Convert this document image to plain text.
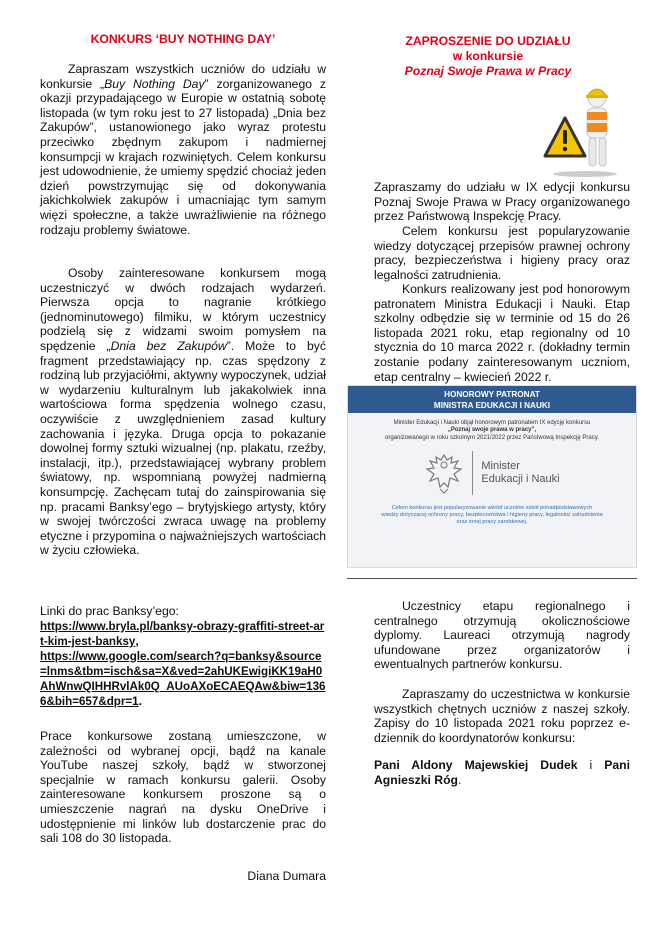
KONKURS ‘BUY NOTHING DAY’

Zapraszam wszystkich uczniów do udziału w konkursie „Buy Nothing Day” zorganizowanego z okazji przypadającego w Europie w ostatnią sobotę listopada (w tym roku jest to 27 listopada) „Dnia bez Zakupów”, ustanowionego jako wyraz protestu przeciwko zbędnym zakupom i nadmiernej konsumpcji w krajach rozwiniętych. Celem konkursu jest udowodnienie, że umiemy spędzić chociaż jeden dzień powstrzymując się od dokonywania jakichkolwiek zakupów i umacniając tym samym więzi społeczne, a także uwrażliwienie na różnego rodzaju problemy światowe.

Osoby zainteresowane konkursem mogą uczestniczyć w dwóch rodzajach wydarzeń. Pierwsza opcja to nagranie krótkiego (jednominutowego) filmiku, w którym uczestnicy podzielą się z widzami swoim pomysłem na spędzenie „Dnia bez Zakupów”. Może to być fragment przedstawiający np. czas spędzony z rodziną lub przyjaciółmi, aktywny wypoczynek, udział w wydarzeniu kulturalnym lub jakakolwiek inna wartościowa forma spędzenia wolnego czasu, oczywiście z uwzględnieniem zasad kultury zachowania i języka. Druga opcja to pokazanie dowolnej formy sztuki wizualnej (np. plakatu, rzeźby, instalacji, itp.), przedstawiającej wybrany problem światowy, np. wspomnianą powyżej nadmierną konsumpcję. Zachęcam tutaj do zainspirowania się np. pracami Banksy’ego – brytyjskiego artysty, który w swojej twórczości zwraca uwagę na problemy etyczne i przypomina o najważniejszych wartościach w życiu człowieka.

Linki do prac Banksy’ego:
https://www.bryla.pl/banksy-obrazy-graffiti-street-art-kim-jest-banksy,
https://www.google.com/search?q=banksy&source=lnms&tbm=isch&sa=X&ved=2ahUKEwigiKK19aH0AhWnwQIHHRvlAk0Q_AUoAXoECAEQAw&biw=1366&bih=657&dpr=1.

Prace konkursowe zostaną umieszczone, w zależności od wybranej opcji, bądź na kanale YouTube naszej szkoły, bądź w stworzonej specjalnie w ramach konkursu galerii. Osoby zainteresowane konkursem proszone są o umieszczenie nagrań na dysku OneDrive i udostępnienie mi linków lub dostarczenie prac do sali 108 do 30 listopada.

Diana Dumara
ZAPROSZENIE DO UDZIAŁU
w konkursie
Poznaj Swoje Prawa w Pracy

Zapraszamy do udziału w IX edycji konkursu Poznaj Swoje Prawa w Pracy organizowanego przez Państwową Inspekcję Pracy.

Celem konkursu jest popularyzowanie wiedzy dotyczącej przepisów prawnej ochrony pracy, bezpieczeństwa i higieny pracy oraz legalności zatrudnienia.

Konkurs realizowany jest pod honorowym patronatem Ministra Edukacji i Nauki. Etap szkolny odbędzie się w terminie od 15 do 26 listopada 2021 roku, etap regionalny od 10 stycznia do 10 marca 2022 r. (dokładny termin zostanie podany zainteresowanym uczniom, etap centralny – kwiecień 2022 r.

Uczestnicy etapu regionalnego i centralnego otrzymują okolicznościowe dyplomy. Laureaci otrzymują nagrody ufundowane przez organizatorów i ewentualnych partnerów konkursu.

Zapraszamy do uczestnictwa w konkursie wszystkich chętnych uczniów z naszej szkoły. Zapisy do 10 listopada 2021 roku poprzez e-dziennik do koordynatorów konkursu:

Pani Aldony Majewskiej Dudek i Pani Agnieszki Róg.

HONOROWY PATRONAT
MINISTRA EDUKACJI I NAUKI
Minister Edukacji i Nauki objął honorowym patronatem IX edycję konkursu
„Poznaj swoje prawa w pracy”,
organizowanego w roku szkolnym 2021/2022 przez Państwową Inspekcję Pracy.
Minister
Edukacji i Nauki
Celem konkursu jest popularyzowanie wśród uczniów szkół ponadpodstawowych
wiedzy dotyczącej ochrony pracy, bezpieczeństwa i higieny pracy, legalności zatrudnienia
oraz innej pracy zarobkowej.
